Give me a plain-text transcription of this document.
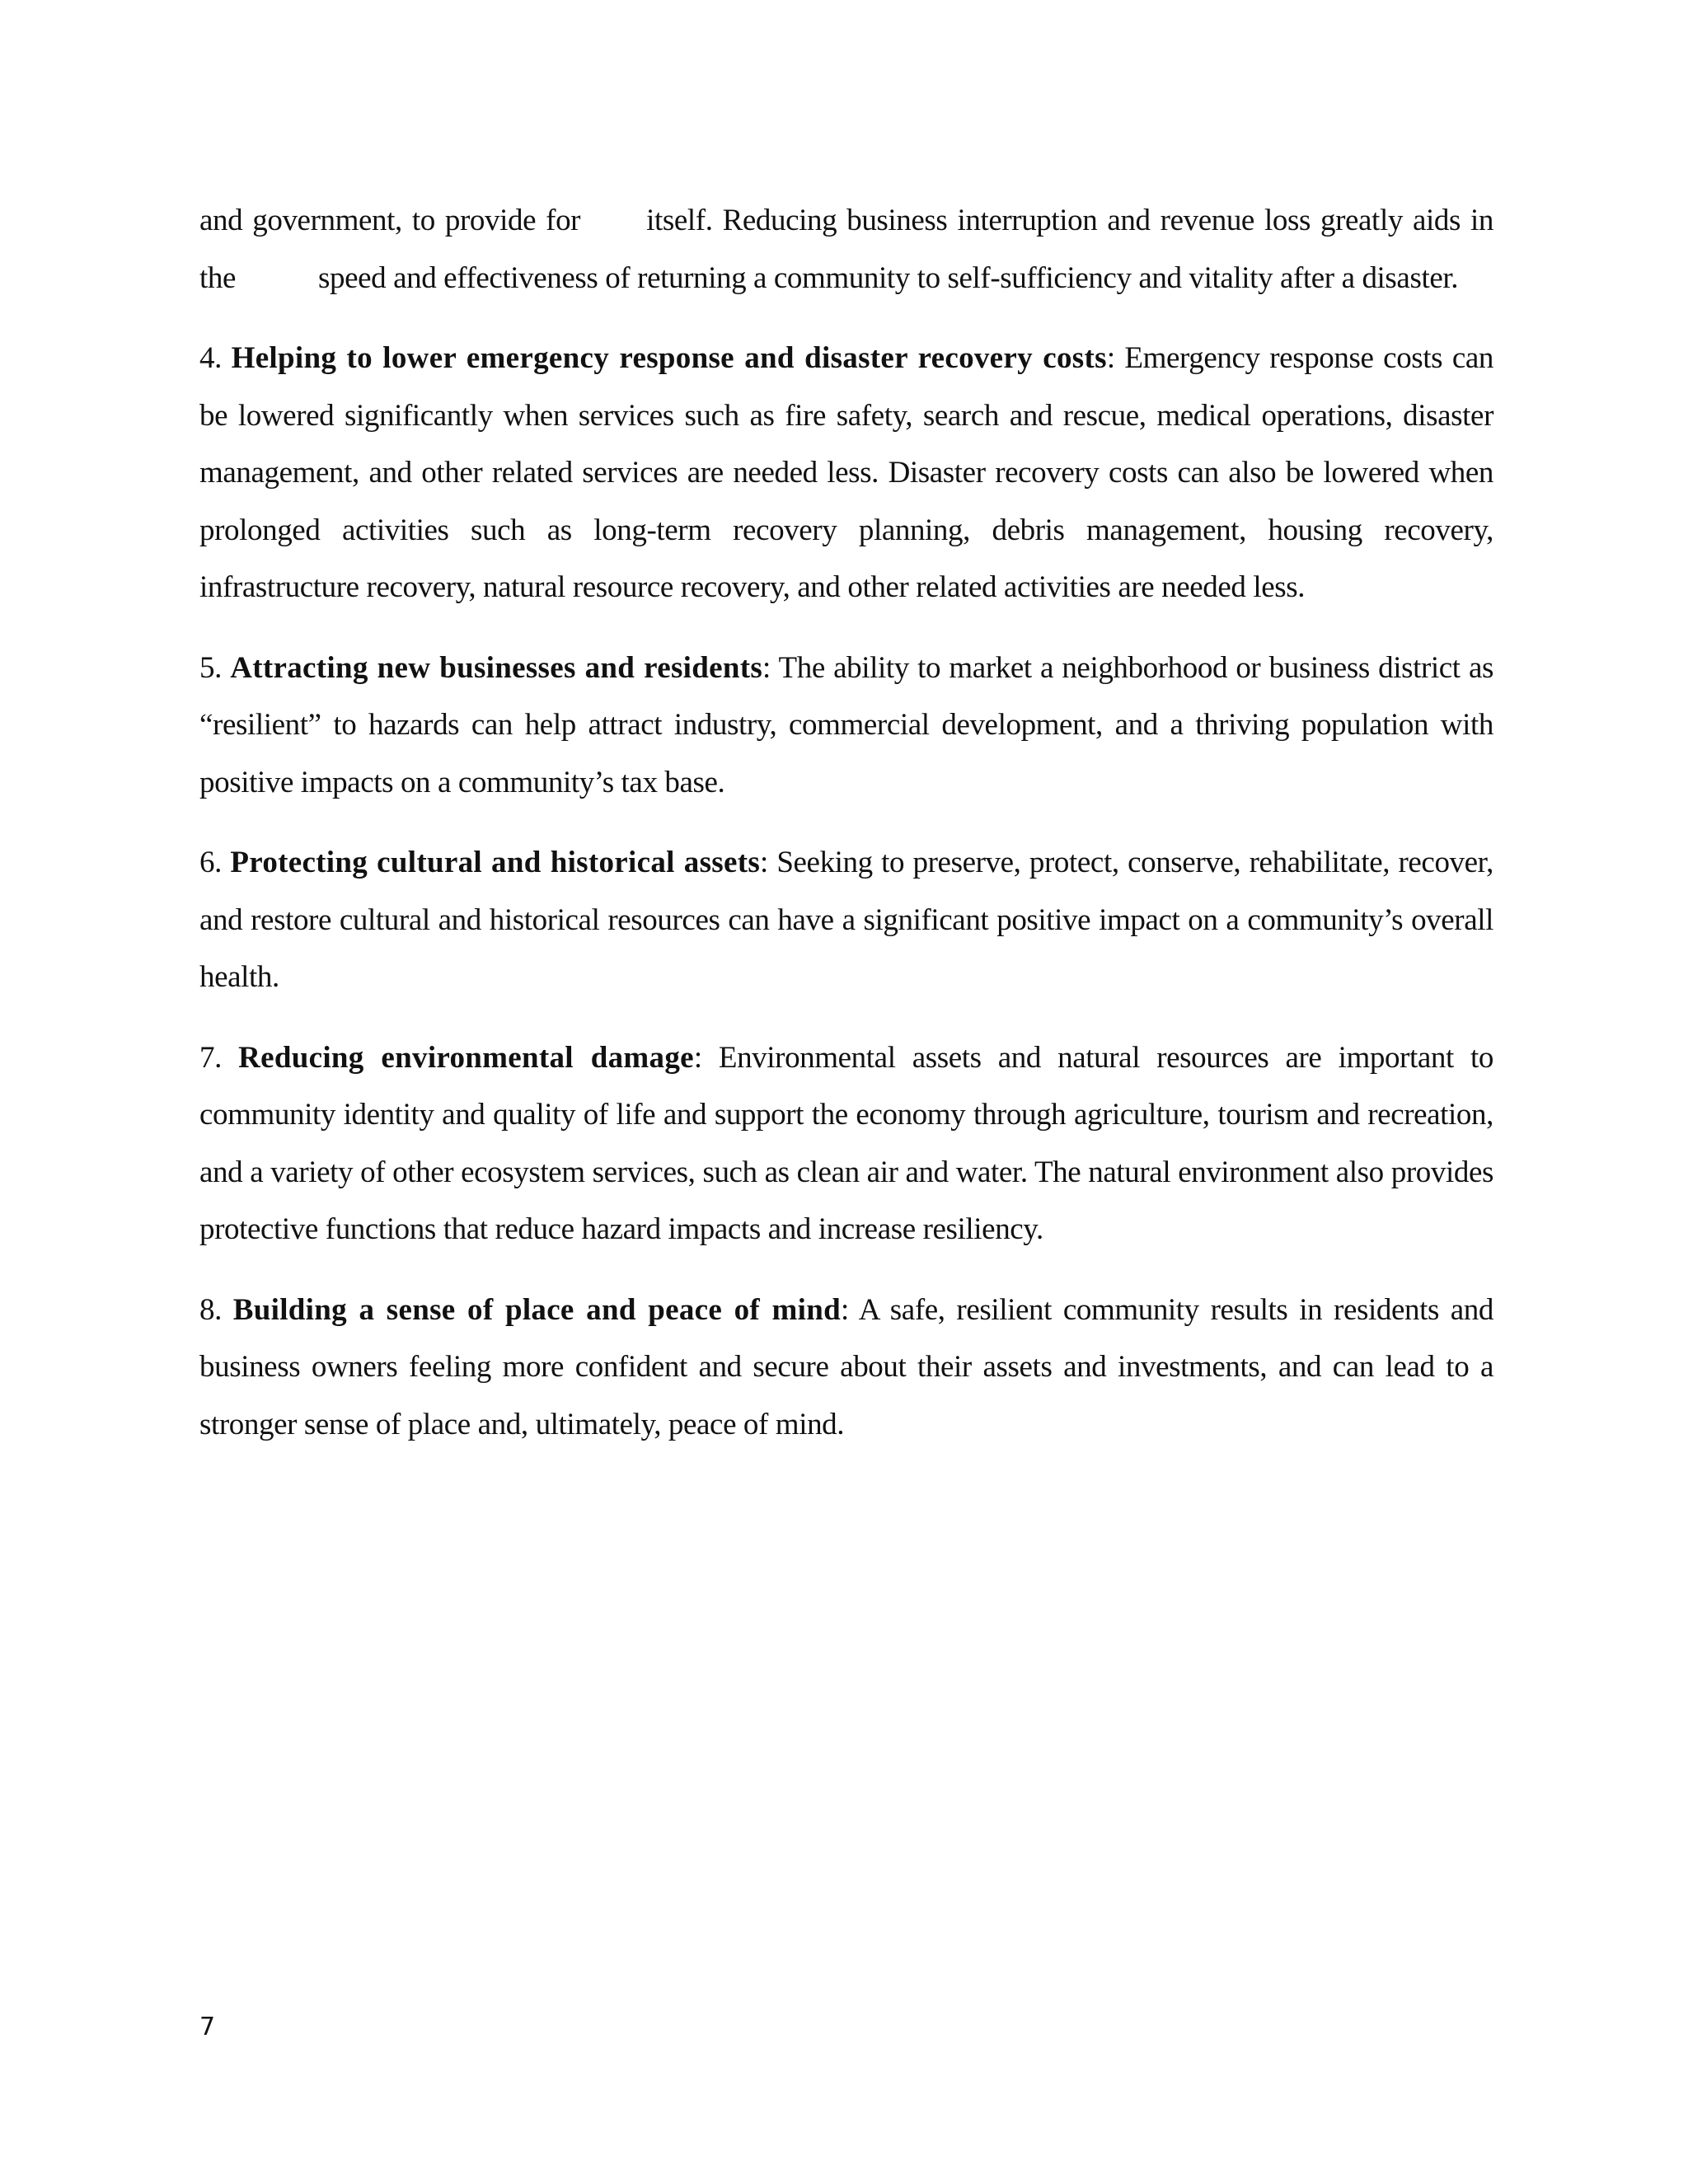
and government, to provide for itself. Reducing business interruption and revenue loss greatly aids in the	speed and effectiveness of returning a community to self-sufficiency and vitality after a disaster.

4. Helping to lower emergency response and disaster recovery costs: Emergency response costs can be lowered significantly when services such as fire safety, search and rescue, medical operations, disaster management, and other related services are needed less. Disaster recovery costs can also be lowered when prolonged activities such as long-term recovery planning, debris management, housing recovery, infrastructure recovery, natural resource recovery, and other related activities are needed less.

5. Attracting new businesses and residents: The ability to market a neighborhood or business district as “resilient” to hazards can help attract industry, commercial development, and a thriving population with positive impacts on a community’s tax base.

6. Protecting cultural and historical assets: Seeking to preserve, protect, conserve, rehabilitate, recover, and restore cultural and historical resources can have a significant positive impact on a community’s overall health.

7. Reducing environmental damage: Environmental assets and natural resources are important to community identity and quality of life and support the economy through agriculture, tourism and recreation, and a variety of other ecosystem services, such as clean air and water. The natural environment also provides protective functions that reduce hazard impacts and increase resiliency.

8. Building a sense of place and peace of mind: A safe, resilient community results in residents and business owners feeling more confident and secure about their assets and investments, and can lead to a stronger sense of place and, ultimately, peace of mind.

7
